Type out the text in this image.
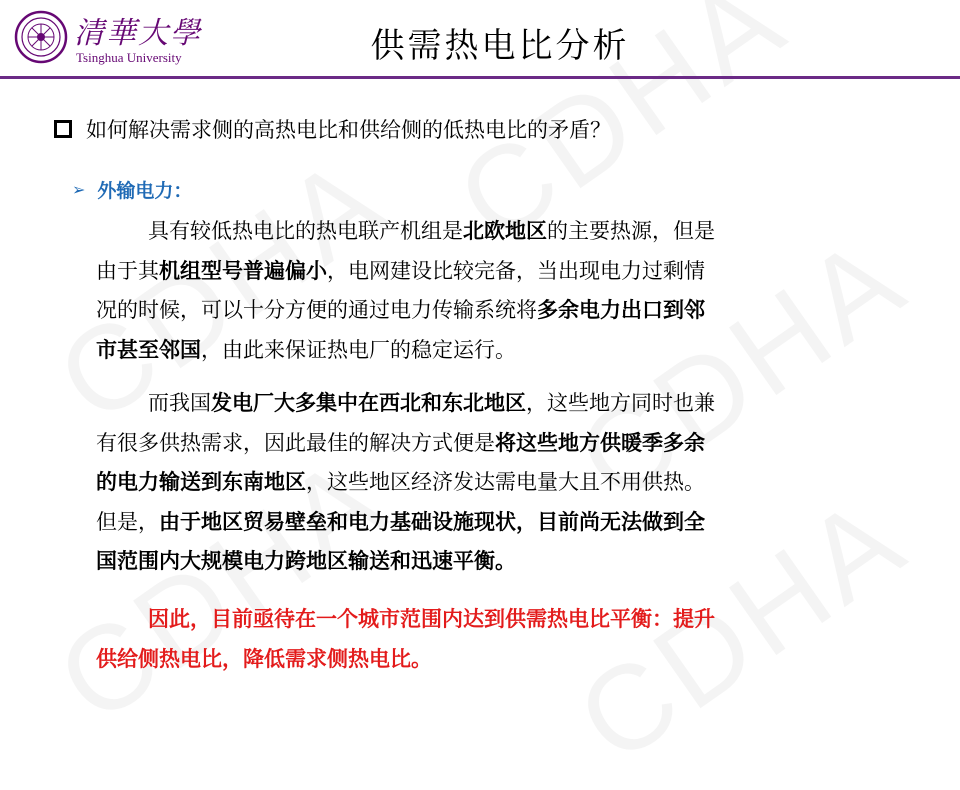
清華大學
Tsinghua University	供需热电比分析
如何解决需求侧的高热电比和供给侧的低热电比的矛盾？
➢ 外输电力：
具有较低热电比的热电联产机组是北欧地区的主要热源，但是
由于其机组型号普遍偏小，电网建设比较完备，当出现电力过剩情
况的时候，可以十分方便的通过电力传输系统将多余电力出口到邻
市甚至邻国，由此来保证热电厂的稳定运行。
而我国发电厂大多集中在西北和东北地区，这些地方同时也兼
有很多供热需求，因此最佳的解决方式便是将这些地方供暖季多余
的电力输送到东南地区，这些地区经济发达需电量大且不用供热。
但是，由于地区贸易壁垒和电力基础设施现状，目前尚无法做到全
国范围内大规模电力跨地区输送和迅速平衡。
因此，目前亟待在一个城市范围内达到供需热电比平衡：提升
供给侧热电比，降低需求侧热电比。
